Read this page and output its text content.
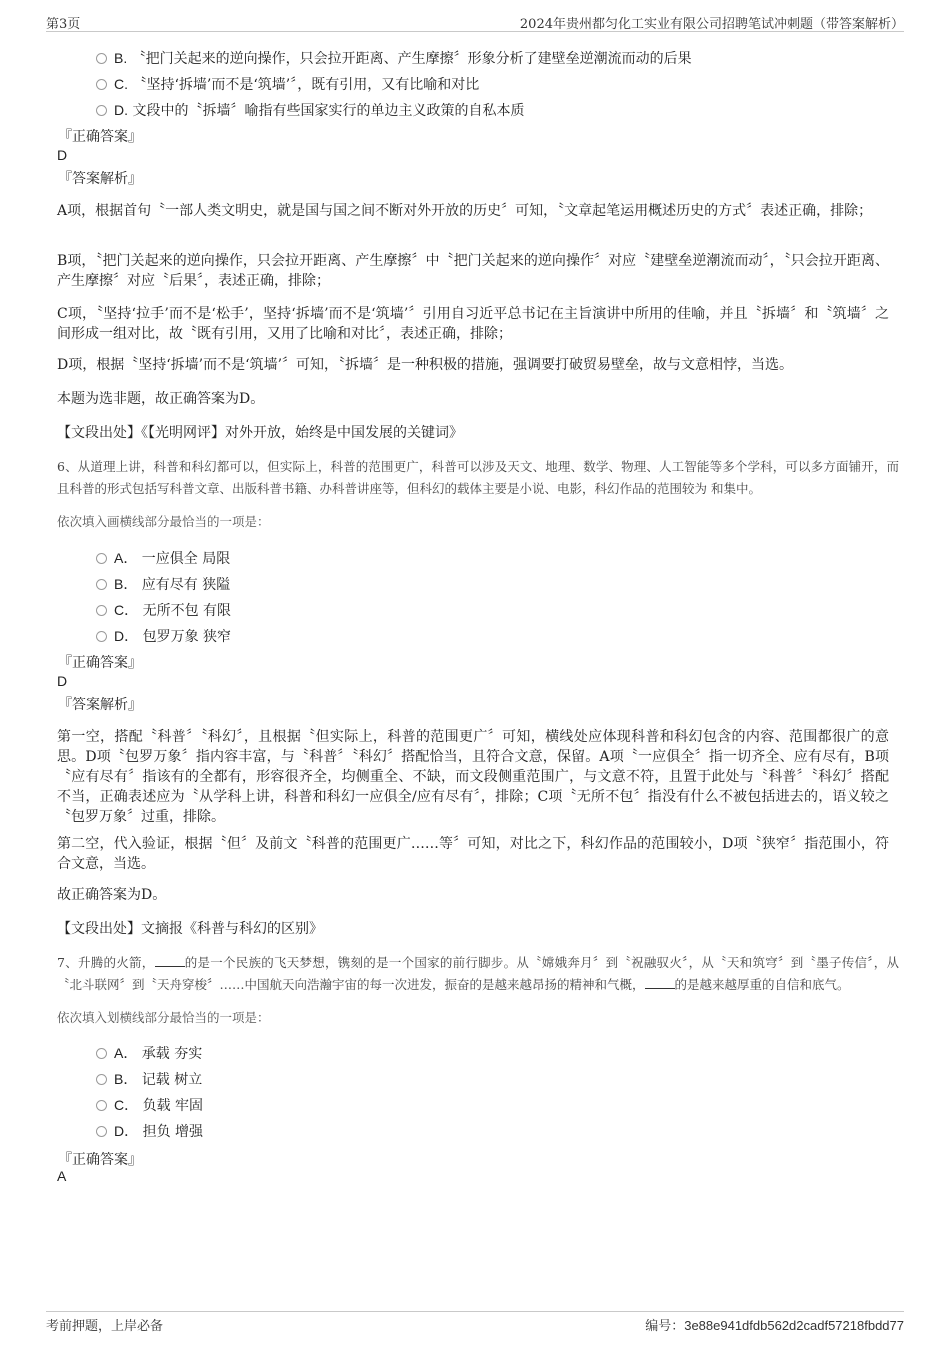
第3页	2024年贵州都匀化工实业有限公司招聘笔试冲刺题（带答案解析）
B. 〝把门关起来的逆向操作，只会拉开距离、产生摩擦〞形象分析了建壁垒逆潮流而动的后果
C. 〝坚持‘拆墙’而不是‘筑墙’〞，既有引用，又有比喻和对比
D. 文段中的〝拆墙〞喻指有些国家实行的单边主义政策的自私本质
『正确答案』
D
『答案解析』
A项，根据首句〝一部人类文明史，就是国与国之间不断对外开放的历史〞可知，〝文章起笔运用概述历史的方式〞表述正确，排除；
B项，〝把门关起来的逆向操作，只会拉开距离、产生摩擦〞中〝把门关起来的逆向操作〞对应〝建壁垒逆潮流而动〞，〝只会拉开距离、产生摩擦〞对应〝后果〞，表述正确，排除；
C项，〝坚持‘拉手’而不是‘松手’，坚持‘拆墙’而不是‘筑墙’〞引用自习近平总书记在主旨演讲中所用的佳喻，并且〝拆墙〞和〝筑墙〞之间形成一组对比，故〝既有引用，又用了比喻和对比〞，表述正确，排除；
D项，根据〝坚持‘拆墙’而不是‘筑墙’〞可知，〝拆墙〞是一种积极的措施，强调要打破贸易壁垒，故与文意相悖，当选。
本题为选非题，故正确答案为D。
【文段出处】《【光明网评】对外开放，始终是中国发展的关键词》
6、从道理上讲，科普和科幻都可以，但实际上，科普的范围更广，科普可以涉及天文、地理、数学、物理、人工智能等多个学科，可以多方面铺开，而且科普的形式包括写科普文章、出版科普书籍、办科普讲座等，但科幻的载体主要是小说、电影，科幻作品的范围较为 和集中。
依次填入画横线部分最恰当的一项是：
A． 一应俱全 局限
B． 应有尽有 狭隘
C． 无所不包 有限
D． 包罗万象 狭窄
『正确答案』
D
『答案解析』
第一空，搭配〝科普〞〝科幻〞，且根据〝但实际上，科普的范围更广〞可知，横线处应体现科普和科幻包含的内容、范围都很广的意思。D项〝包罗万象〞指内容丰富，与〝科普〞〝科幻〞搭配恰当，且符合文意，保留。A项〝一应俱全〞指一切齐全、应有尽有，B项〝应有尽有〞指该有的全都有，形容很齐全，均侧重全、不缺，而文段侧重范围广，与文意不符，且置于此处与〝科普〞〝科幻〞搭配不当，正确表述应为〝从学科上讲，科普和科幻一应俱全/应有尽有〞，排除；C项〝无所不包〞指没有什么不被包括进去的，语义较之〝包罗万象〞过重，排除。
第二空，代入验证，根据〝但〞及前文〝科普的范围更广……等〞可知，对比之下，科幻作品的范围较小，D项〝狭窄〞指范围小，符合文意，当选。
故正确答案为D。
【文段出处】文摘报《科普与科幻的区别》
7、升腾的火箭， 的是一个民族的飞天梦想，镌刻的是一个国家的前行脚步。从〝嫦娥奔月〞到〝祝融驭火〞，从〝天和筑穹〞到〝墨子传信〞，从〝北斗联网〞到〝天舟穿梭〞……中国航天向浩瀚宇宙的每一次进发，振奋的是越来越昂扬的精神和气概， 的是越来越厚重的自信和底气。
依次填入划横线部分最恰当的一项是：
A． 承载 夯实
B． 记载 树立
C． 负载 牢固
D． 担负 增强
『正确答案』
A
考前押题，上岸必备	编号：3e88e941dfdb562d2cadf57218fbdd77
